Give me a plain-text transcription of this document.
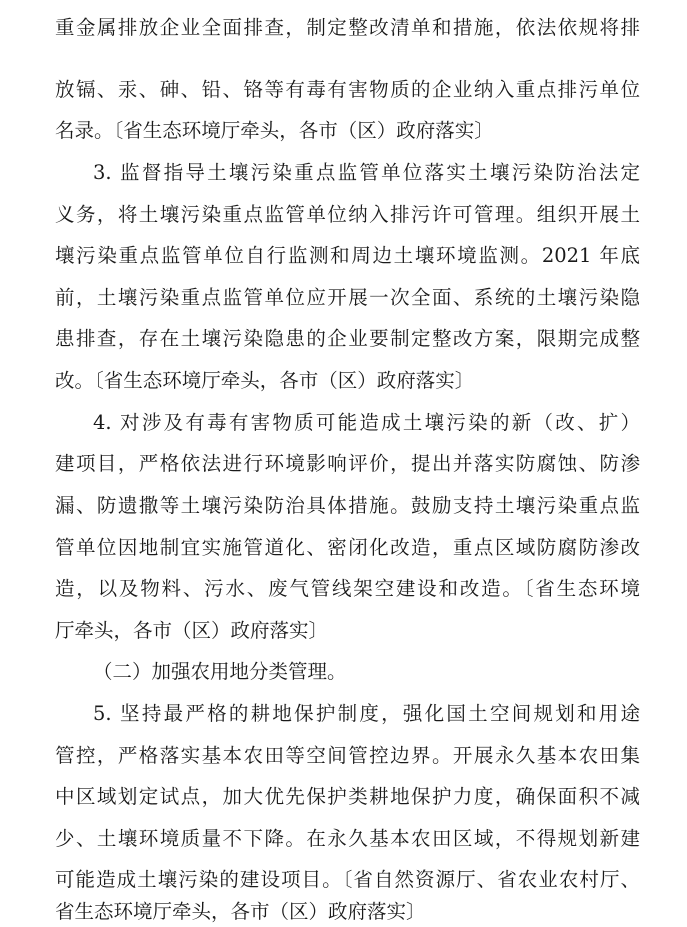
重金属排放企业全面排查，制定整改清单和措施，依法依规将排
放镉、汞、砷、铅、铬等有毒有害物质的企业纳入重点排污单位
名录。〔省生态环境厅牵头，各市（区）政府落实〕
3. 监督指导土壤污染重点监管单位落实土壤污染防治法定
义务，将土壤污染重点监管单位纳入排污许可管理。组织开展土
壤污染重点监管单位自行监测和周边土壤环境监测。2021 年底
前，土壤污染重点监管单位应开展一次全面、系统的土壤污染隐
患排查，存在土壤污染隐患的企业要制定整改方案，限期完成整
改。〔省生态环境厅牵头，各市（区）政府落实〕
4. 对涉及有毒有害物质可能造成土壤污染的新（改、扩）
建项目，严格依法进行环境影响评价，提出并落实防腐蚀、防渗
漏、防遗撒等土壤污染防治具体措施。鼓励支持土壤污染重点监
管单位因地制宜实施管道化、密闭化改造，重点区域防腐防渗改
造，以及物料、污水、废气管线架空建设和改造。〔省生态环境
厅牵头，各市（区）政府落实〕
（二）加强农用地分类管理。
5. 坚持最严格的耕地保护制度，强化国土空间规划和用途
管控，严格落实基本农田等空间管控边界。开展永久基本农田集
中区域划定试点，加大优先保护类耕地保护力度，确保面积不减
少、土壤环境质量不下降。在永久基本农田区域，不得规划新建
可能造成土壤污染的建设项目。〔省自然资源厅、省农业农村厅、
省生态环境厅牵头，各市（区）政府落实〕
